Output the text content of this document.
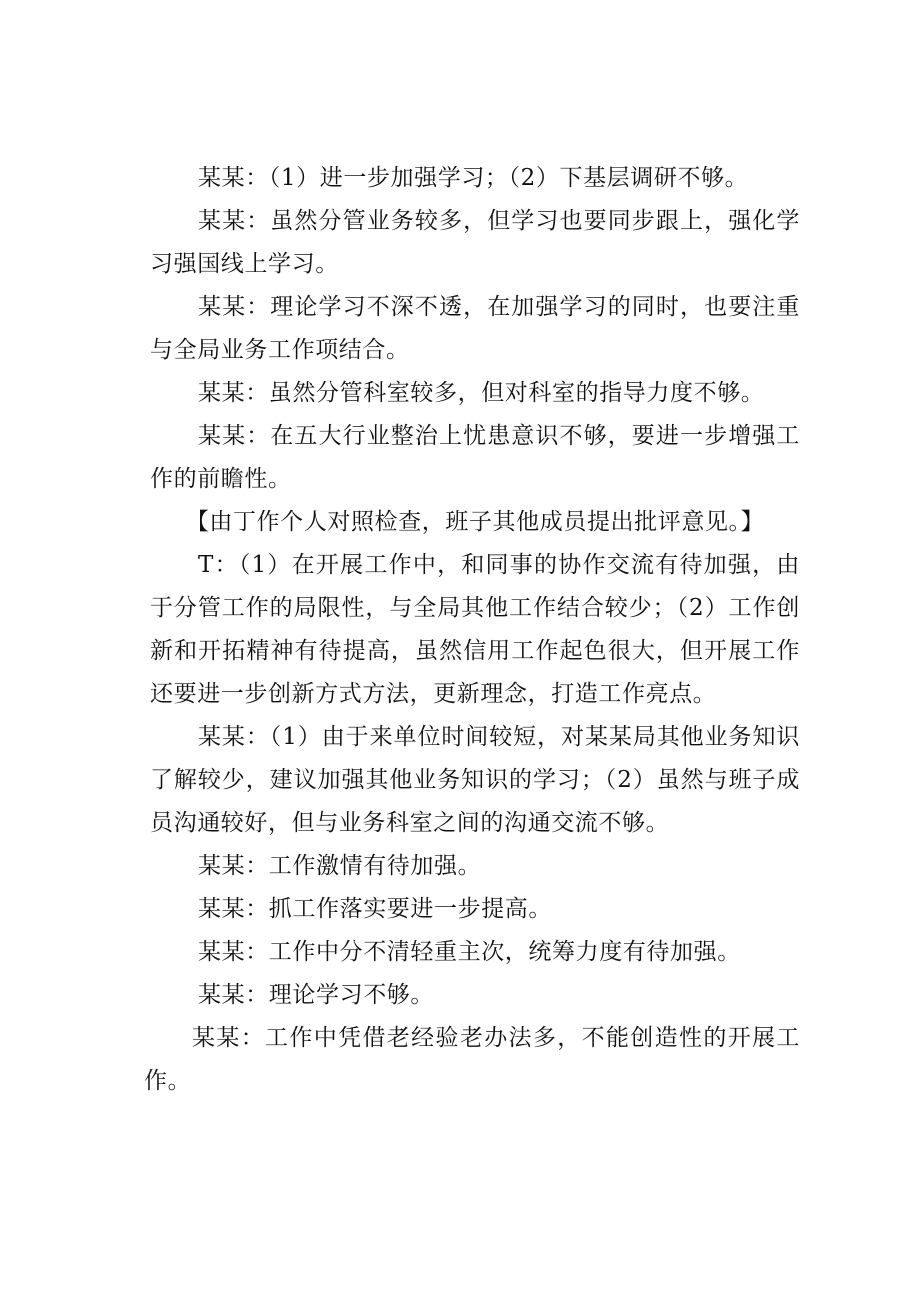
某某：（1）进一步加强学习；（2）下基层调研不够。

某某：虽然分管业务较多，但学习也要同步跟上，强化学习强国线上学习。

某某：理论学习不深不透，在加强学习的同时，也要注重与全局业务工作项结合。

某某：虽然分管科室较多，但对科室的指导力度不够。

某某：在五大行业整治上忧患意识不够，要进一步增强工作的前瞻性。

【由丁作个人对照检查，班子其他成员提出批评意见。】

T：（1）在开展工作中，和同事的协作交流有待加强，由于分管工作的局限性，与全局其他工作结合较少；（2）工作创新和开拓精神有待提高，虽然信用工作起色很大，但开展工作还要进一步创新方式方法，更新理念，打造工作亮点。

某某：（1）由于来单位时间较短，对某某局其他业务知识了解较少，建议加强其他业务知识的学习；（2）虽然与班子成员沟通较好，但与业务科室之间的沟通交流不够。

某某：工作激情有待加强。

某某：抓工作落实要进一步提高。

某某：工作中分不清轻重主次，统筹力度有待加强。

某某：理论学习不够。

某某：工作中凭借老经验老办法多，不能创造性的开展工作。
